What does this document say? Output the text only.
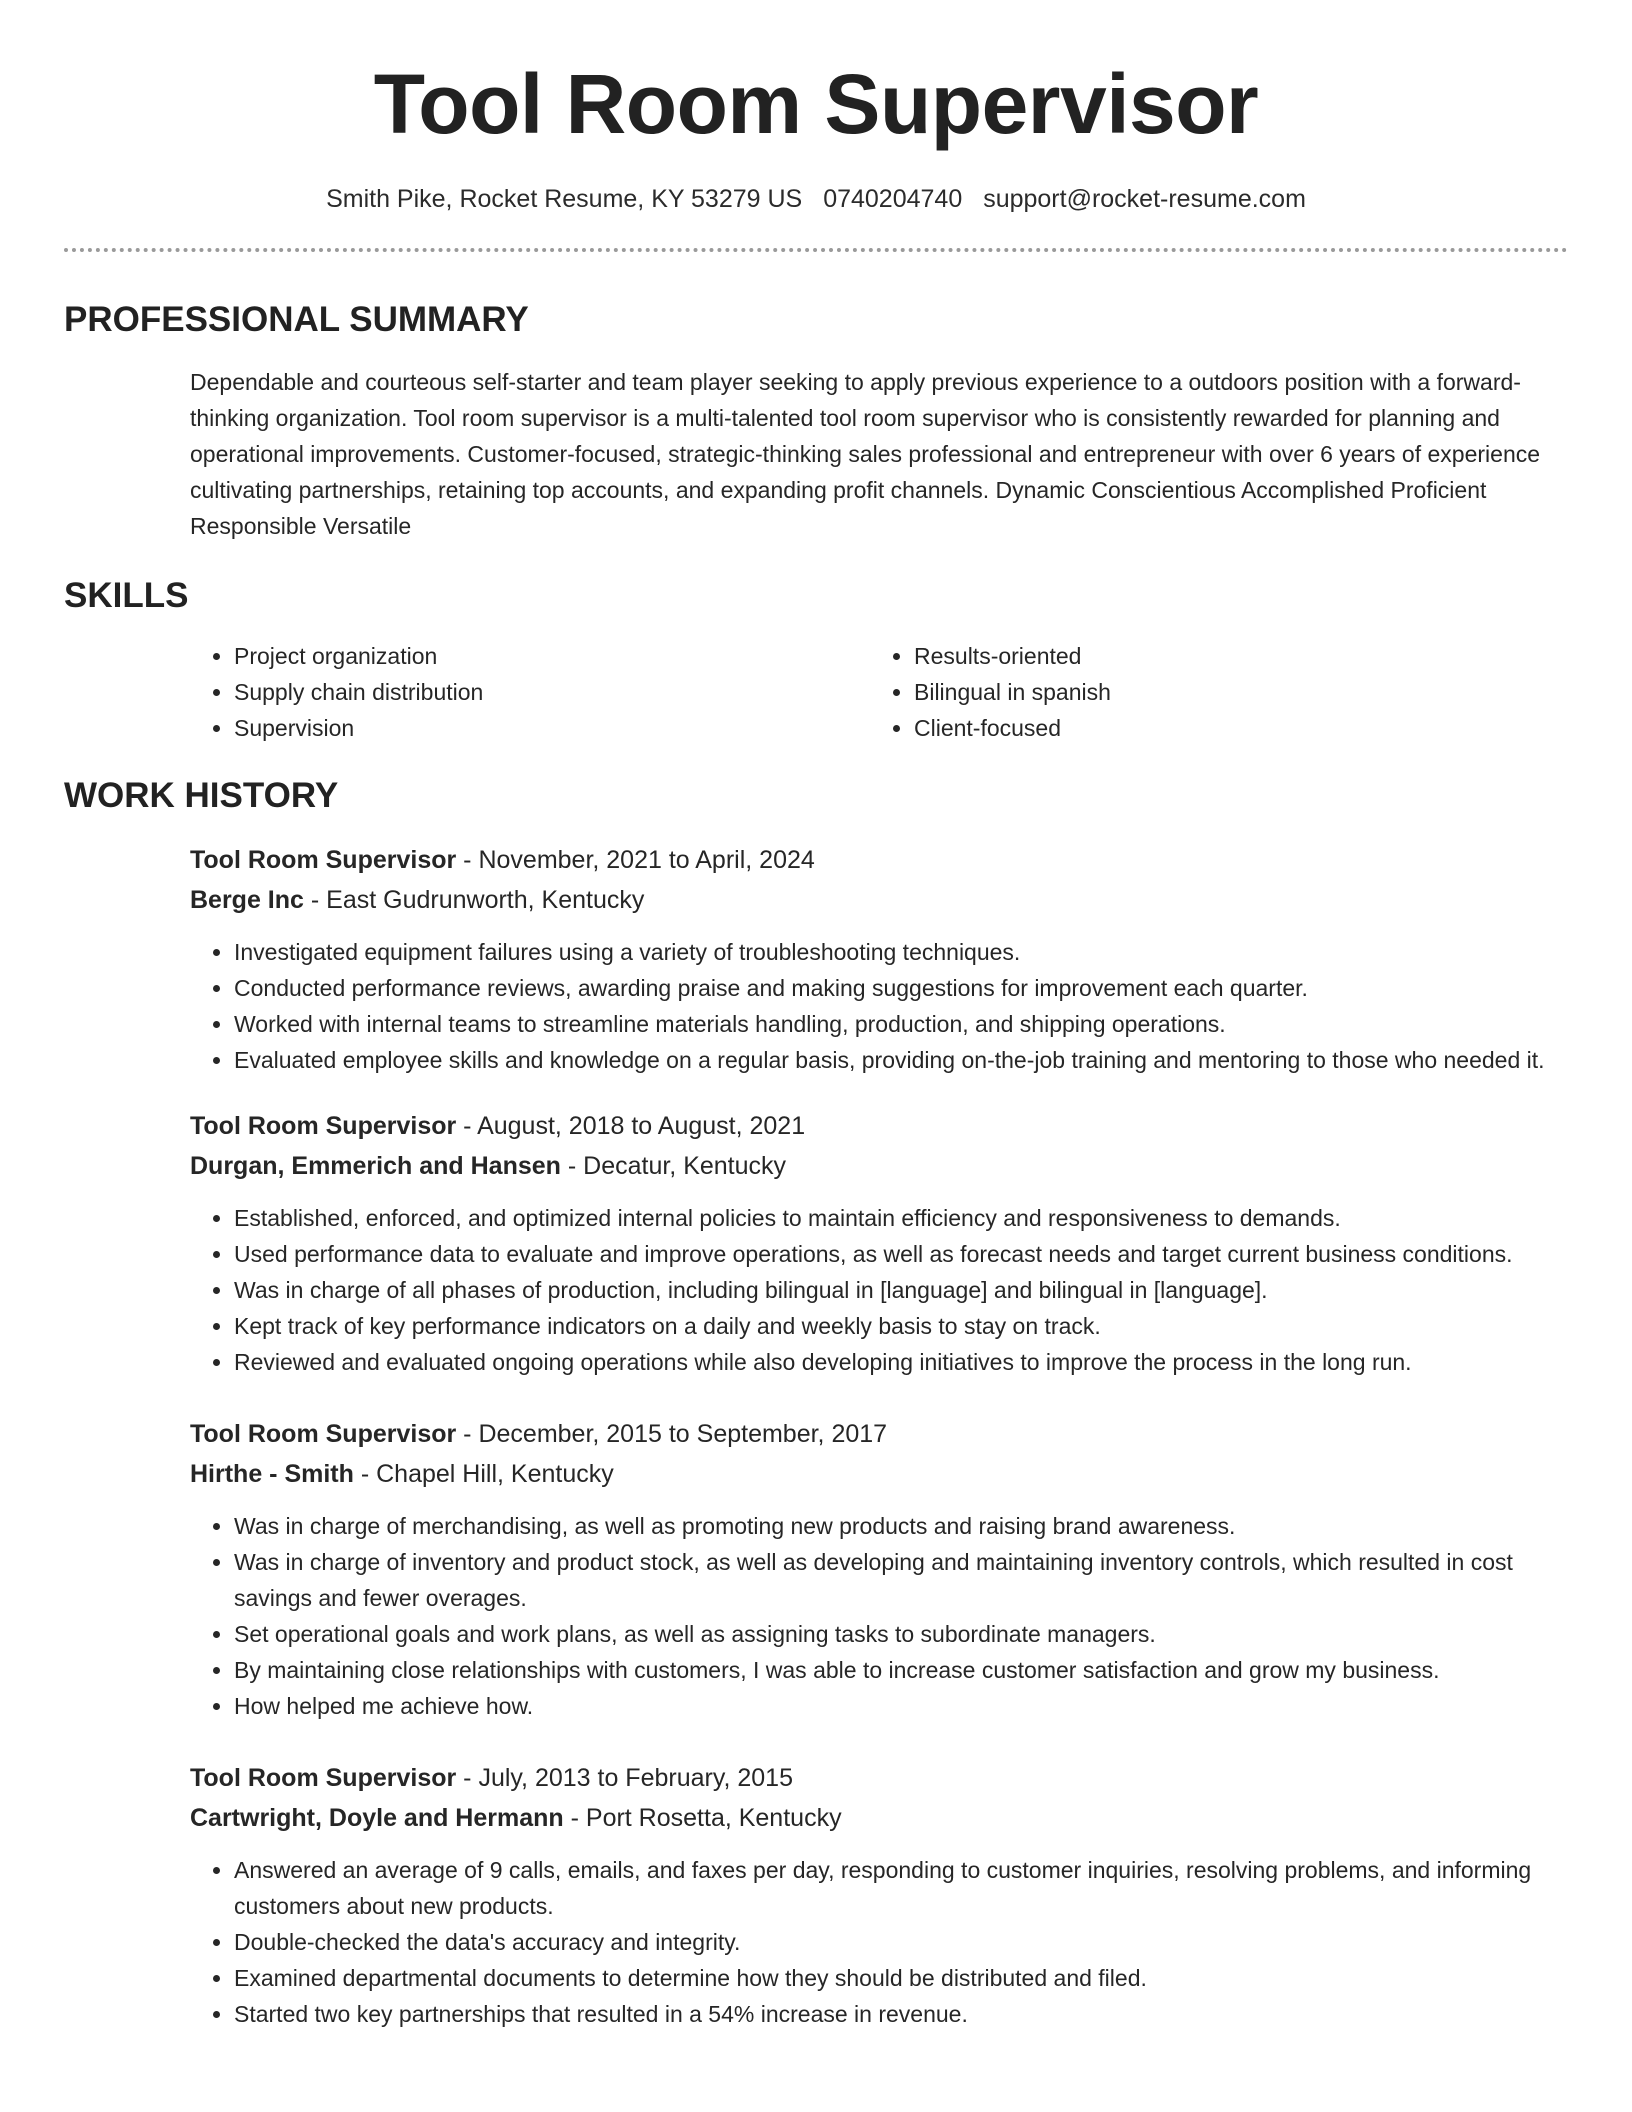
Tool Room Supervisor
Smith Pike, Rocket Resume, KY 53279 US 0740204740 support@rocket-resume.com
PROFESSIONAL SUMMARY

Dependable and courteous self-starter and team player seeking to apply previous experience to a outdoors position with a forward-thinking organization. Tool room supervisor is a multi-talented tool room supervisor who is consistently rewarded for planning and operational improvements. Customer-focused, strategic-thinking sales professional and entrepreneur with over 6 years of experience cultivating partnerships, retaining top accounts, and expanding profit channels. Dynamic Conscientious Accomplished Proficient Responsible Versatile

SKILLS
• Project organization
• Supply chain distribution
• Supervision
• Results-oriented
• Bilingual in spanish
• Client-focused
WORK HISTORY
Tool Room Supervisor - November, 2021 to April, 2024
Berge Inc - East Gudrunworth, Kentucky
• Investigated equipment failures using a variety of troubleshooting techniques.
• Conducted performance reviews, awarding praise and making suggestions for improvement each quarter.
• Worked with internal teams to streamline materials handling, production, and shipping operations.
• Evaluated employee skills and knowledge on a regular basis, providing on-the-job training and mentoring to those who needed it.
Tool Room Supervisor - August, 2018 to August, 2021
Durgan, Emmerich and Hansen - Decatur, Kentucky
• Established, enforced, and optimized internal policies to maintain efficiency and responsiveness to demands.
• Used performance data to evaluate and improve operations, as well as forecast needs and target current business conditions.
• Was in charge of all phases of production, including bilingual in [language] and bilingual in [language].
• Kept track of key performance indicators on a daily and weekly basis to stay on track.
• Reviewed and evaluated ongoing operations while also developing initiatives to improve the process in the long run.
Tool Room Supervisor - December, 2015 to September, 2017
Hirthe - Smith - Chapel Hill, Kentucky
• Was in charge of merchandising, as well as promoting new products and raising brand awareness.
• Was in charge of inventory and product stock, as well as developing and maintaining inventory controls, which resulted in cost savings and fewer overages.
• Set operational goals and work plans, as well as assigning tasks to subordinate managers.
• By maintaining close relationships with customers, I was able to increase customer satisfaction and grow my business.
• How helped me achieve how.
Tool Room Supervisor - July, 2013 to February, 2015
Cartwright, Doyle and Hermann - Port Rosetta, Kentucky
• Answered an average of 9 calls, emails, and faxes per day, responding to customer inquiries, resolving problems, and informing customers about new products.
• Double-checked the data's accuracy and integrity.
• Examined departmental documents to determine how they should be distributed and filed.
• Started two key partnerships that resulted in a 54% increase in revenue.
